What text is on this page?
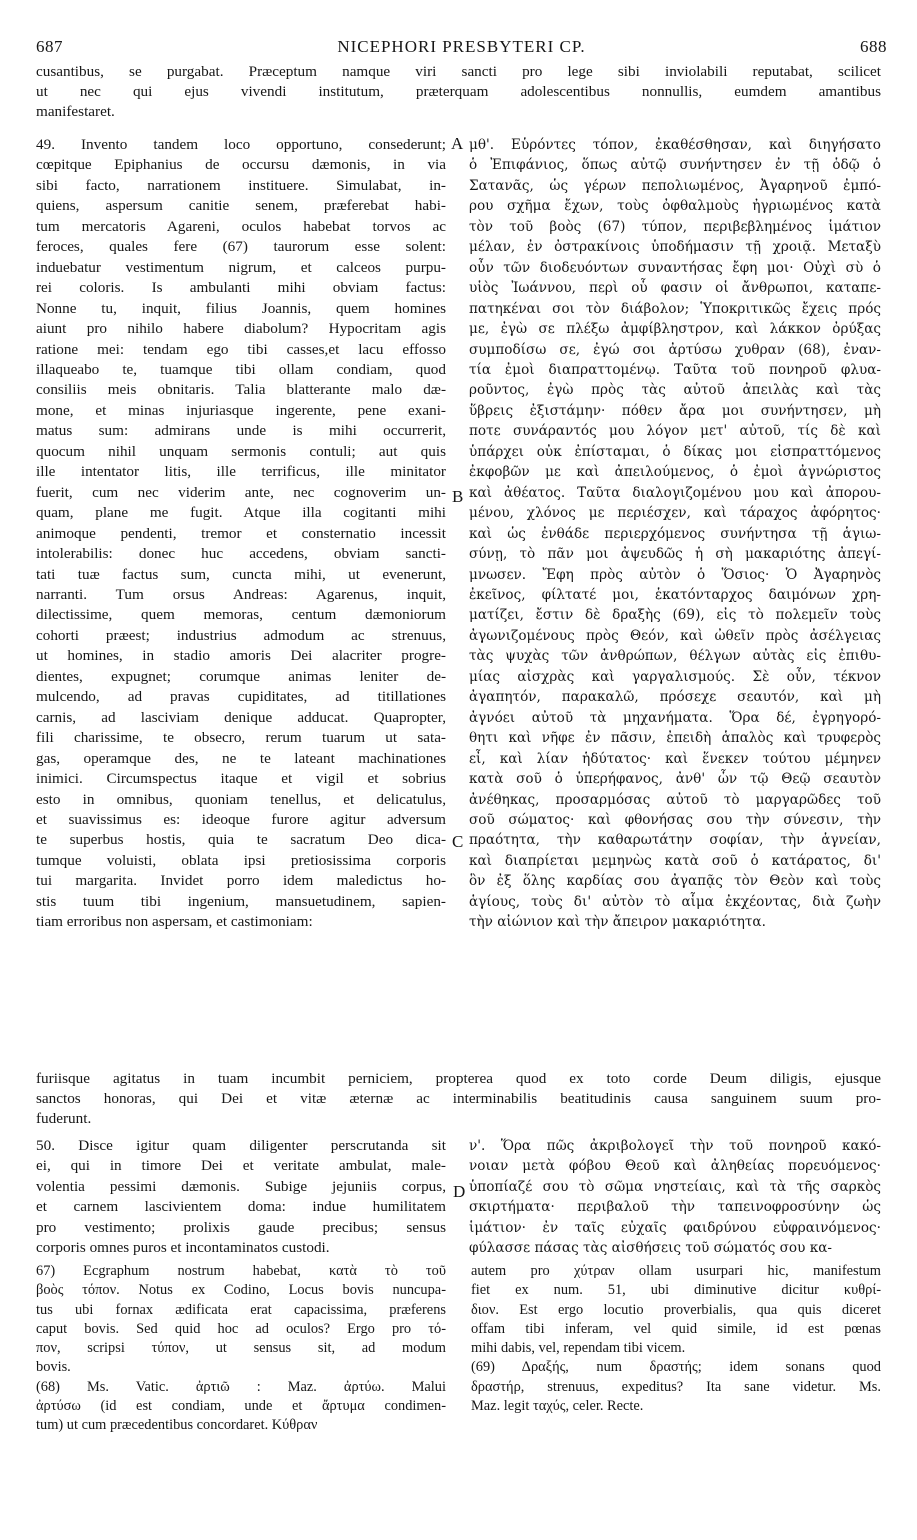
687	NICEPHORI PRESBYTERI CP.	688
cusantibus, se purgabat. Præceptum namque viri sancti pro lege sibi inviolabili reputabat, scilicet
ut nec qui ejus vivendi institutum, præterquam adolescentibus nonnullis, eumdem amantibus
manifestaret.
49. Invento tandem loco opportuno, consederunt;
cœpitque Epiphanius de occursu dæmonis, in via
sibi facto, narrationem instituere. Simulabat, in-
quiens, aspersum canitie senem, præferebat habi-
tum mercatoris Agareni, oculos habebat torvos ac
feroces, quales fere (67) taurorum esse solent:
induebatur vestimentum nigrum, et calceos purpu-
rei coloris. Is ambulanti mihi obviam factus:
Nonne tu, inquit, filius Joannis, quem homines
aiunt pro nihilo habere diabolum? Hypocritam agis
ratione mei: tendam ego tibi casses,et lacu effosso
illaqueabo te, tuamque tibi ollam condiam, quod
consiliis meis obnitaris. Talia blatterante malo dæ-
mone, et minas injuriasque ingerente, pene exani-
matus sum: admirans unde is mihi occurrerit,
quocum nihil unquam sermonis contuli; aut quis
ille intentator litis, ille terrificus, ille minitator
fuerit, cum nec viderim ante, nec cognoverim un-
quam, plane me fugit. Atque illa cogitanti mihi
animoque pendenti, tremor et consternatio incessit
intolerabilis: donec huc accedens, obviam sancti-
tati tuæ factus sum, cuncta mihi, ut evenerunt,
narranti. Tum orsus Andreas: Agarenus, inquit,
dilectissime, quem memoras, centum dæmoniorum
cohorti præest; industrius admodum ac strenuus,
ut homines, in stadio amoris Dei alacriter progre-
dientes, expugnet; corumque animas leniter de-
mulcendo, ad pravas cupiditates, ad titillationes
carnis, ad lasciviam denique adducat. Quapropter,
fili charissime, te obsecro, rerum tuarum ut sata-
gas, operamque des, ne te lateant machinationes
inimici. Circumspectus itaque et vigil et sobrius
esto in omnibus, quoniam tenellus, et delicatulus,
et suavissimus es: ideoque furore agitur adversum
te superbus hostis, quia te sacratum Deo dica-
tumque voluisti, oblata ipsi pretiosissima corporis
tui margarita. Invidet porro idem maledictus ho-
stis tuum tibi ingenium, mansuetudinem, sapien-
tiam erroribus non aspersam, et castimoniam:
μθ'. Εὑρόντες τόπον, ἐκαθέσθησαν, καὶ διηγήσατο
ὁ Ἐπιφάνιος, ὅπως αὐτῷ συνήντησεν ἐν τῇ ὁδῷ ὁ
Σατανᾶς, ὡς γέρων πεπολιωμένος, Ἀγαρηνοῦ ἐμπό-
ρου σχῆμα ἔχων, τοὺς ὀφθαλμοὺς ἠγριωμένος κατὰ
τὸν τοῦ βοὸς (67) τύπον, περιβεβλημένος ἱμάτιον
μέλαν, ἐν ὀστρακίνοις ὑποδήμασιν τῇ χροιᾷ. Μεταξὺ
οὖν τῶν διοδευόντων συναντήσας ἔφη μοι· Οὐχὶ σὺ ὁ
υἱὸς Ἰωάννου, περὶ οὗ φασιν οἱ ἄνθρωποι, καταπε-
πατηκέναι σοι τὸν διάβολον; Ὑποκριτικῶς ἔχεις πρός
με, ἐγὼ σε πλέξω ἀμφίβληστρον, καὶ λάκκον ὀρύξας
συμποδίσω σε, ἐγώ σοι ἀρτύσω χυθραν (68), ἐναν-
τία ἐμοὶ διαπραττομένῳ. Ταῦτα τοῦ πονηροῦ φλυα-
ροῦντος, ἐγὼ πρὸς τὰς αὐτοῦ ἀπειλὰς καὶ τὰς
ὕβρεις ἐξιστάμην· πόθεν ἄρα μοι συνήντησεν, μὴ
ποτε συνάραντός μου λόγον μετ' αὐτοῦ, τίς δὲ καὶ
ὑπάρχει οὐκ ἐπίσταμαι, ὁ δίκας μοι εἰσπραττόμενος
ἐκφοβῶν με καὶ ἀπειλούμενος, ὁ ἐμοὶ ἀγνώριστος
καὶ ἀθέατος. Ταῦτα διαλογιζομένου μου καὶ ἀπορου-
μένου, χλόνος με περιέσχεν, καὶ τάραχος ἀφόρητος·
καὶ ὡς ἐνθάδε περιερχόμενος συνήντησα τῇ ἁγιω-
σύνῃ, τὸ πᾶν μοι ἀψευδῶς ἡ σὴ μακαριότης ἀπεγί-
μνωσεν. Ἔφη πρὸς αὐτὸν ὁ Ὅσιος· Ὁ Ἀγαρηνὸς
ἐκεῖνος, φίλτατέ μοι, ἑκατόνταρχος δαιμόνων χρη-
ματίζει, ἔστιν δὲ δραξὴς (69), εἰς τὸ πολεμεῖν τοὺς
ἀγωνιζομένους πρὸς Θεόν, καὶ ὠθεῖν πρὸς ἀσέλγειας
τὰς ψυχὰς τῶν ἀνθρώπων, θέλγων αὐτὰς εἰς ἐπιθυ-
μίας αἰσχρὰς καὶ γαργαλισμούς. Σὲ οὖν, τέκνον
ἀγαπητόν, παρακαλῶ, πρόσεχε σεαυτόν, καὶ μὴ
ἀγνόει αὐτοῦ τὰ μηχανήματα. Ὅρα δέ, ἐγρηγορό-
θητι καὶ νῆφε ἐν πᾶσιν, ἐπειδὴ ἁπαλὸς καὶ τρυφερὸς
εἶ, καὶ λίαν ἡδύτατος· καὶ ἕνεκεν τούτου μέμηνεν
κατὰ σοῦ ὁ ὑπερήφανος, ἀνθ' ὧν τῷ Θεῷ σεαυτὸν
ἀνέθηκας, προσαρμόσας αὐτοῦ τὸ μαργαρῶδες τοῦ
σοῦ σώματος· καὶ φθονήσας σου τὴν σύνεσιν, τὴν
πραότητα, τὴν καθαρωτάτην σοφίαν, τὴν ἁγνείαν,
καὶ διαπρίεται μεμηνὼς κατὰ σοῦ ὁ κατάρατος, δι'
ὃν ἐξ ὅλης καρδίας σου ἀγαπᾷς τὸν Θεὸν καὶ τοὺς
ἁγίους, τοὺς δι' αὐτὸν τὸ αἷμα ἐκχέοντας, διὰ ζωὴν
τὴν αἰώνιον καὶ τὴν ἄπειρον μακαριότητα.
A
B
C
D
furiisque agitatus in tuam incumbit perniciem, propterea quod ex toto corde Deum diligis, ejusque
sanctos honoras, qui Dei et vitæ æternæ ac interminabilis beatitudinis causa sanguinem suum pro-
fuderunt.
50. Disce igitur quam diligenter perscrutanda sit
ei, qui in timore Dei et veritate ambulat, male-
volentia pessimi dæmonis. Subige jejuniis corpus,
et carnem lascivientem doma: indue humilitatem
pro vestimento; prolixis gaude precibus; sensus
corporis omnes puros et incontaminatos custodi.
ν'. Ὅρα πῶς ἀκριβολογεῖ τὴν τοῦ πονηροῦ κακό-
νοιαν μετὰ φόβου Θεοῦ καὶ ἀληθείας πορευόμενος·
ὑποπίαζέ σου τὸ σῶμα νηστείαις, καὶ τὰ τῆς σαρκὸς
σκιρτήματα· περιβαλοῦ τὴν ταπεινοφροσύνην ὡς
ἱμάτιον· ἐν ταῖς εὐχαῖς φαιδρύνου εὐφραινόμενος·
φύλασσε πάσας τὰς αἰσθήσεις τοῦ σώματός σου κα-
67) Ecgraphum nostrum habebat, κατὰ τὸ τοῦ
βοὸς τόπον. Notus ex Codino, Locus bovis nuncupa-
tus ubi fornax ædificata erat capacissima, præferens
caput bovis. Sed quid hoc ad oculos? Ergo pro τό-
πον, scripsi τύπον, ut sensus sit, ad modum
bovis.
(68) Ms. Vatic. ἀρτιῶ : Maz. ἀρτύω. Malui
ἀρτύσω (id est condiam, unde et ἄρτυμα condimen-
tum) ut cum præcedentibus concordaret. Κύθραν
autem pro χύτραν ollam usurpari hic, manifestum
fiet ex num. 51, ubi diminutive dicitur κυθρί-
διον. Est ergo locutio proverbialis, qua quis diceret
offam tibi inferam, vel quid simile, id est pœnas
mihi dabis, vel, rependam tibi vicem.
(69) Δραξής, num δραστής; idem sonans quod
δραστήρ, strenuus, expeditus? Ita sane videtur. Ms.
Maz. legit ταχύς, celer. Recte.
